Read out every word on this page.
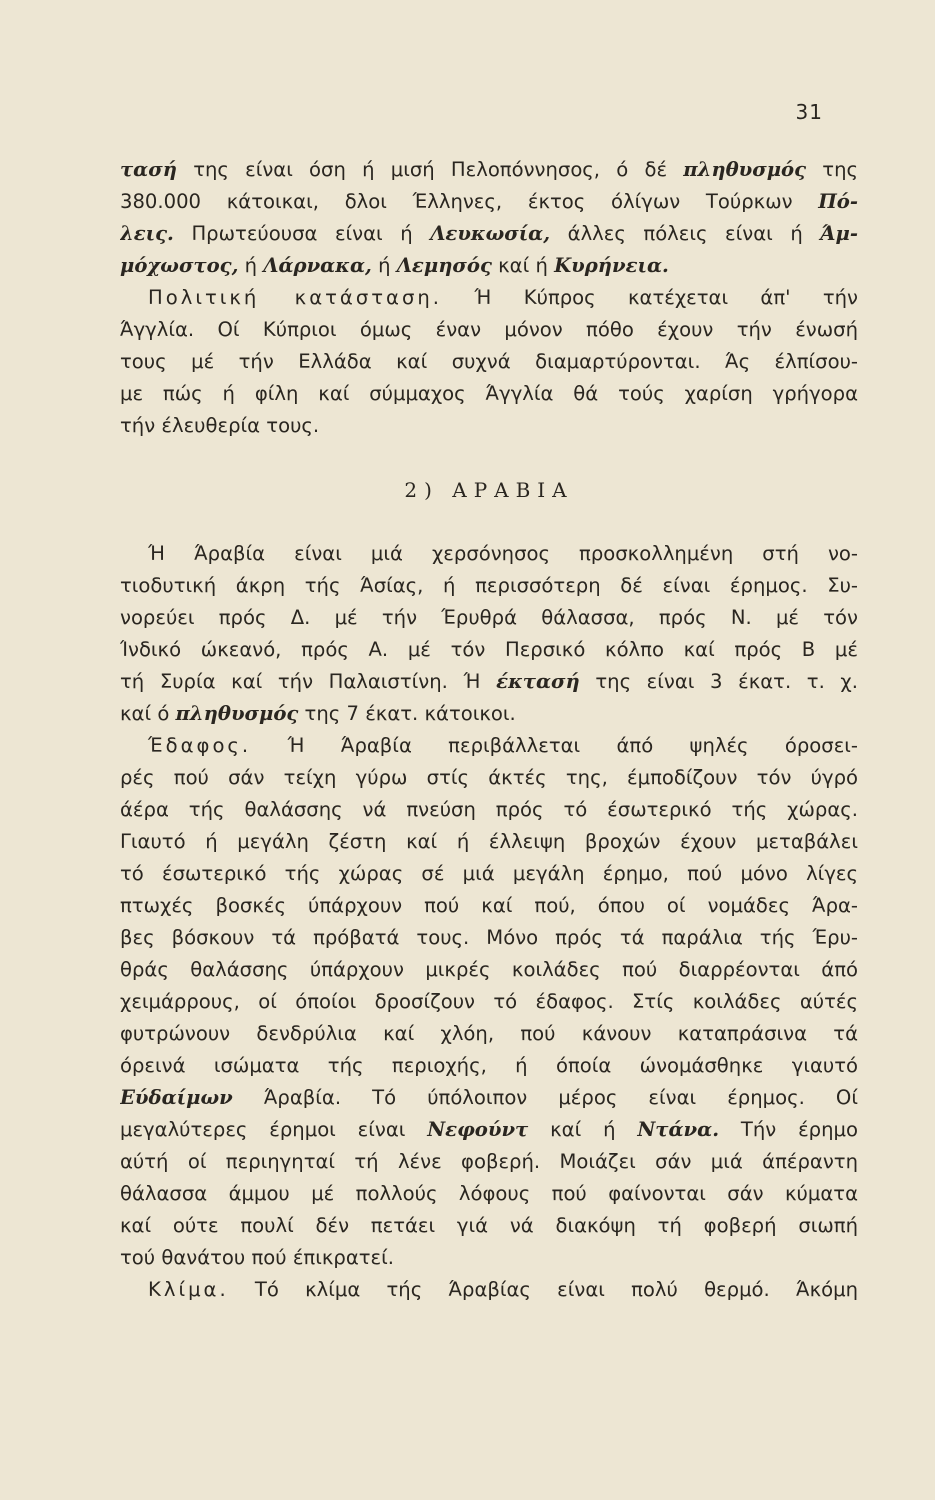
31
τασή της είναι όση ή μισή Πελοπόννησος, ό δέ πληθυσμός της
380.000 κάτοικαι, δλοι Έλληνες, έκτος όλίγων Τούρκων Πό-
λεις. Πρωτεύουσα είναι ή Λευκωσία, άλλες πόλεις είναι ή Άμ-
μόχωστος, ή Λάρνακα, ή Λεμησός καί ή Κυρήνεια.
Πολιτική κατάσταση. Ή Κύπρος κατέχεται άπ' τήν
Άγγλία. Οί Κύπριοι όμως έναν μόνον πόθο έχουν τήν ένωσή
τους μέ τήν Ελλάδα καί συχνά διαμαρτύρονται. Άς έλπίσου-
με πώς ή φίλη καί σύμμαχος Άγγλία θά τούς χαρίση γρήγορα
τήν έλευθερία τους.
2) ΑΡΑΒΙΑ
Ή Άραβία είναι μιά χερσόνησος προσκολλημένη στή νο-
τιοδυτική άκρη τής Άσίας, ή περισσότερη δέ είναι έρημος. Συ-
νορεύει πρός Δ. μέ τήν Έρυθρά θάλασσα, πρός Ν. μέ τόν
Ίνδικό ώκεανό, πρός Α. μέ τόν Περσικό κόλπο καί πρός Β μέ
τή Συρία καί τήν Παλαιστίνη. Ή έκτασή της είναι 3 έκατ. τ. χ.
καί ό πληθυσμός της 7 έκατ. κάτοικοι.
Έδαφος. Ή Άραβία περιβάλλεται άπό ψηλές όροσει-
ρές πού σάν τείχη γύρω στίς άκτές της, έμποδίζουν τόν ύγρό
άέρα τής θαλάσσης νά πνεύση πρός τό έσωτερικό τής χώρας.
Γιαυτό ή μεγάλη ζέστη καί ή έλλειψη βροχών έχουν μεταβάλει
τό έσωτερικό τής χώρας σέ μιά μεγάλη έρημο, πού μόνο λίγες
πτωχές βοσκές ύπάρχουν πού καί πού, όπου οί νομάδες Άρα-
βες βόσκουν τά πρόβατά τους. Μόνο πρός τά παράλια τής Έρυ-
θράς θαλάσσης ύπάρχουν μικρές κοιλάδες πού διαρρέονται άπό
χειμάρρους, οί όποίοι δροσίζουν τό έδαφος. Στίς κοιλάδες αύτές
φυτρώνουν δενδρύλια καί χλόη, πού κάνουν καταπράσινα τά
όρεινά ισώματα τής περιοχής, ή όποία ώνομάσθηκε γιαυτό
Εύδαίμων Άραβία. Τό ύπόλοιπον μέρος είναι έρημος. Οί
μεγαλύτερες έρημοι είναι Νεφούντ καί ή Ντάνα. Τήν έρημο
αύτή οί περιηγηταί τή λένε φοβερή. Μοιάζει σάν μιά άπέραντη
θάλασσα άμμου μέ πολλούς λόφους πού φαίνονται σάν κύματα
καί ούτε πουλί δέν πετάει γιά νά διακόψη τή φοβερή σιωπή
τού θανάτου πού έπικρατεί.
Κλίμα. Τό κλίμα τής Άραβίας είναι πολύ θερμό. Άκόμη
